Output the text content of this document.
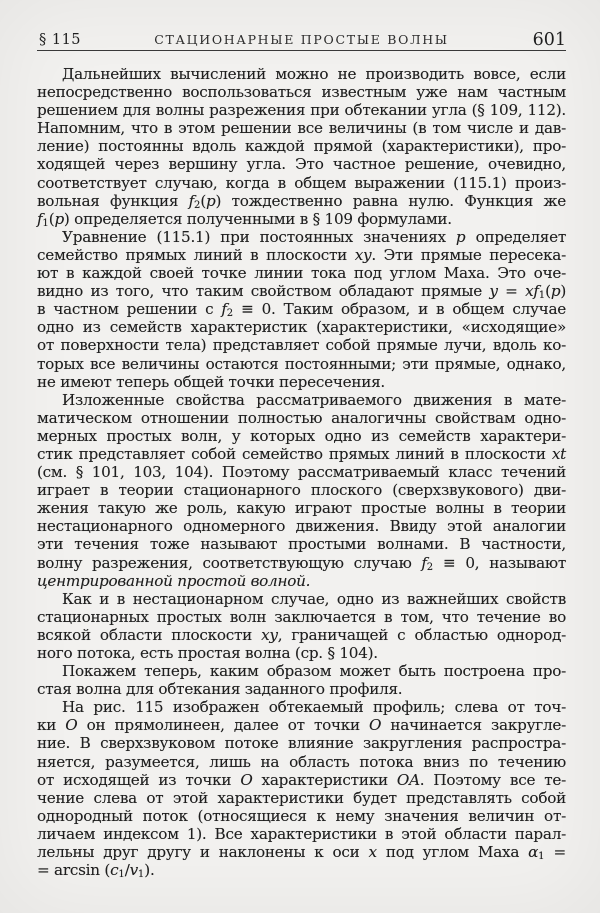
§ 115	СТАЦИОНАРНЫЕ ПРОСТЫЕ ВОЛНЫ	601
Дальнейших вычислений можно не производить вовсе, если
непосредственно воспользоваться известным уже нам частным
решением для волны разрежения при обтекании угла (§ 109, 112).
Напомним, что в этом решении все величины (в том числе и дав-
ление) постоянны вдоль каждой прямой (характеристики), про-
ходящей через вершину угла. Это частное решение, очевидно,
соответствует случаю, когда в общем выражении (115.1) произ-
вольная функция f2(p) тождественно равна нулю. Функция же
f1(p) определяется полученными в § 109 формулами.
Уравнение (115.1) при постоянных значениях p определяет
семейство прямых линий в плоскости xy. Эти прямые пересека-
ют в каждой своей точке линии тока под углом Маха. Это оче-
видно из того, что таким свойством обладают прямые y = xf1(p)
в частном решении с f2 ≡ 0. Таким образом, и в общем случае
одно из семейств характеристик (характеристики, «исходящие»
от поверхности тела) представляет собой прямые лучи, вдоль ко-
торых все величины остаются постоянными; эти прямые, однако,
не имеют теперь общей точки пересечения.
Изложенные свойства рассматриваемого движения в мате-
матическом отношении полностью аналогичны свойствам одно-
мерных простых волн, у которых одно из семейств характери-
стик представляет собой семейство прямых линий в плоскости xt
(см. § 101, 103, 104). Поэтому рассматриваемый класс течений
играет в теории стационарного плоского (сверхзвукового) дви-
жения такую же роль, какую играют простые волны в теории
нестационарного одномерного движения. Ввиду этой аналогии
эти течения тоже называют простыми волнами. В частности,
волну разрежения, соответствующую случаю f2 ≡ 0, называют
центрированной простой волной.
Как и в нестационарном случае, одно из важнейших свойств
стационарных простых волн заключается в том, что течение во
всякой области плоскости xy, граничащей с областью однород-
ного потока, есть простая волна (ср. § 104).
Покажем теперь, каким образом может быть построена про-
стая волна для обтекания заданного профиля.
На рис. 115 изображен обтекаемый профиль; слева от точ-
ки O он прямолинеен, далее от точки O начинается закругле-
ние. В сверхзвуковом потоке влияние закругления распростра-
няется, разумеется, лишь на область потока вниз по течению
от исходящей из точки O характеристики OA. Поэтому все те-
чение слева от этой характеристики будет представлять собой
однородный поток (относящиеся к нему значения величин от-
личаем индексом 1). Все характеристики в этой области парал-
лельны друг другу и наклонены к оси x под углом Маха α1 =
= arcsin (c1/v1).
